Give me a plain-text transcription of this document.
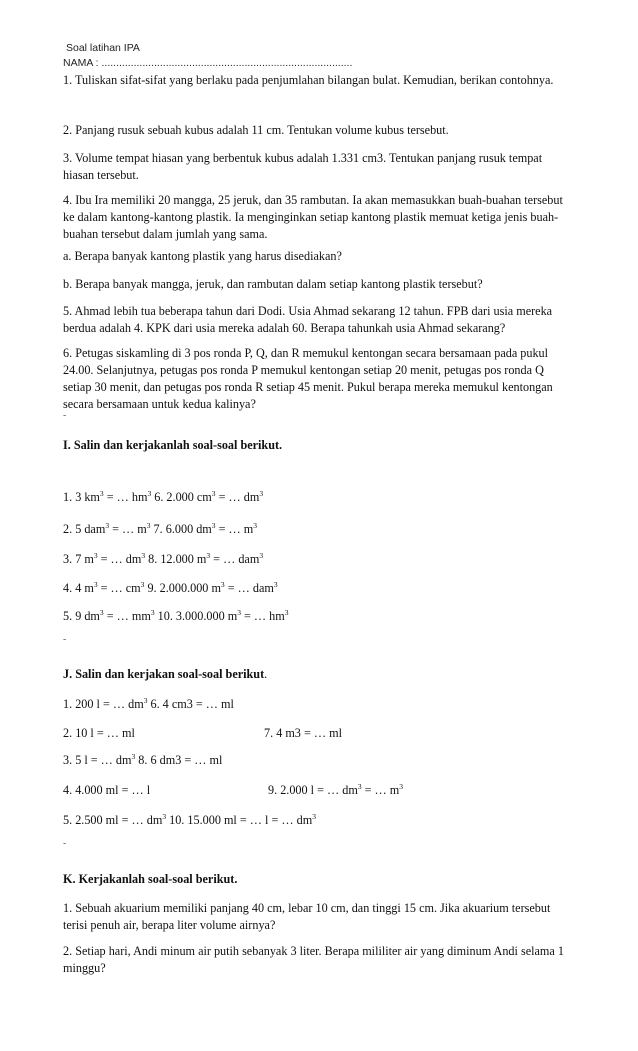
Soal latihan IPA
NAMA : ......................................................................................

1. Tuliskan sifat-sifat yang berlaku pada penjumlahan bilangan bulat. Kemudian, berikan contohnya.

2. Panjang rusuk sebuah kubus adalah 11 cm. Tentukan volume kubus tersebut.

3. Volume tempat hiasan yang berbentuk kubus adalah 1.331 cm3. Tentukan panjang rusuk tempat hiasan tersebut.

4. Ibu Ira memiliki 20 mangga, 25 jeruk, dan 35 rambutan. Ia akan memasukkan buah-buahan tersebut ke dalam kantong-kantong plastik. Ia menginginkan setiap kantong plastik memuat ketiga jenis buah-buahan tersebut dalam jumlah yang sama.

a. Berapa banyak kantong plastik yang harus disediakan?

b. Berapa banyak mangga, jeruk, dan rambutan dalam setiap kantong plastik tersebut?

5. Ahmad lebih tua beberapa tahun dari Dodi. Usia Ahmad sekarang 12 tahun. FPB dari usia mereka berdua adalah 4. KPK dari usia mereka adalah 60. Berapa tahunkah usia Ahmad sekarang?

6. Petugas siskamling di 3 pos ronda P, Q, dan R memukul kentongan secara bersamaan pada pukul 24.00. Selanjutnya, petugas pos ronda P memukul kentongan setiap 20 menit, petugas pos ronda Q setiap 30 menit, dan petugas pos ronda R setiap 45 menit. Pukul berapa mereka memukul kentongan secara bersamaan untuk kedua kalinya?

-

I. Salin dan kerjakanlah soal-soal berikut.

1. 3 $km^3$ = … $hm^3$ 6. 2.000 $cm^3$ = … $dm^3$

2. 5 dam$^3$ = … $m^3$ 7. 6.000 $dm^3$ = … $m^3$

3. 7 $m^3$ = … $dm^3$ 8. 12.000 $m^3$ = … dam$^3$

4. 4 $m^3$ = … $cm^3$ 9. 2.000.000 $m^3$ = … dam$^3$

5. 9 $dm^3$ = … $mm^3$ 10. 3.000.000 $m^3$ = … $hm^3$

-

J. Salin dan kerjakan soal-soal berikut.

1. 200 l = … $dm^3$ 6. 4 cm3 = … ml

2. 10 l = … ml	7. 4 m3 = … ml

3. 5 l = … $dm^3$ 8. 6 dm3 = … ml

4. 4.000 ml = … l	9. 2.000 l = … $dm^3$ = … $m^3$

5. 2.500 ml = … $dm^3$ 10. 15.000 ml = … l = … $dm^3$

-

K. Kerjakanlah soal-soal berikut.

1. Sebuah akuarium memiliki panjang 40 cm, lebar 10 cm, dan tinggi 15 cm. Jika akuarium tersebut terisi penuh air, berapa liter volume airnya?

2. Setiap hari, Andi minum air putih sebanyak 3 liter. Berapa mililiter air yang diminum Andi selama 1 minggu?
